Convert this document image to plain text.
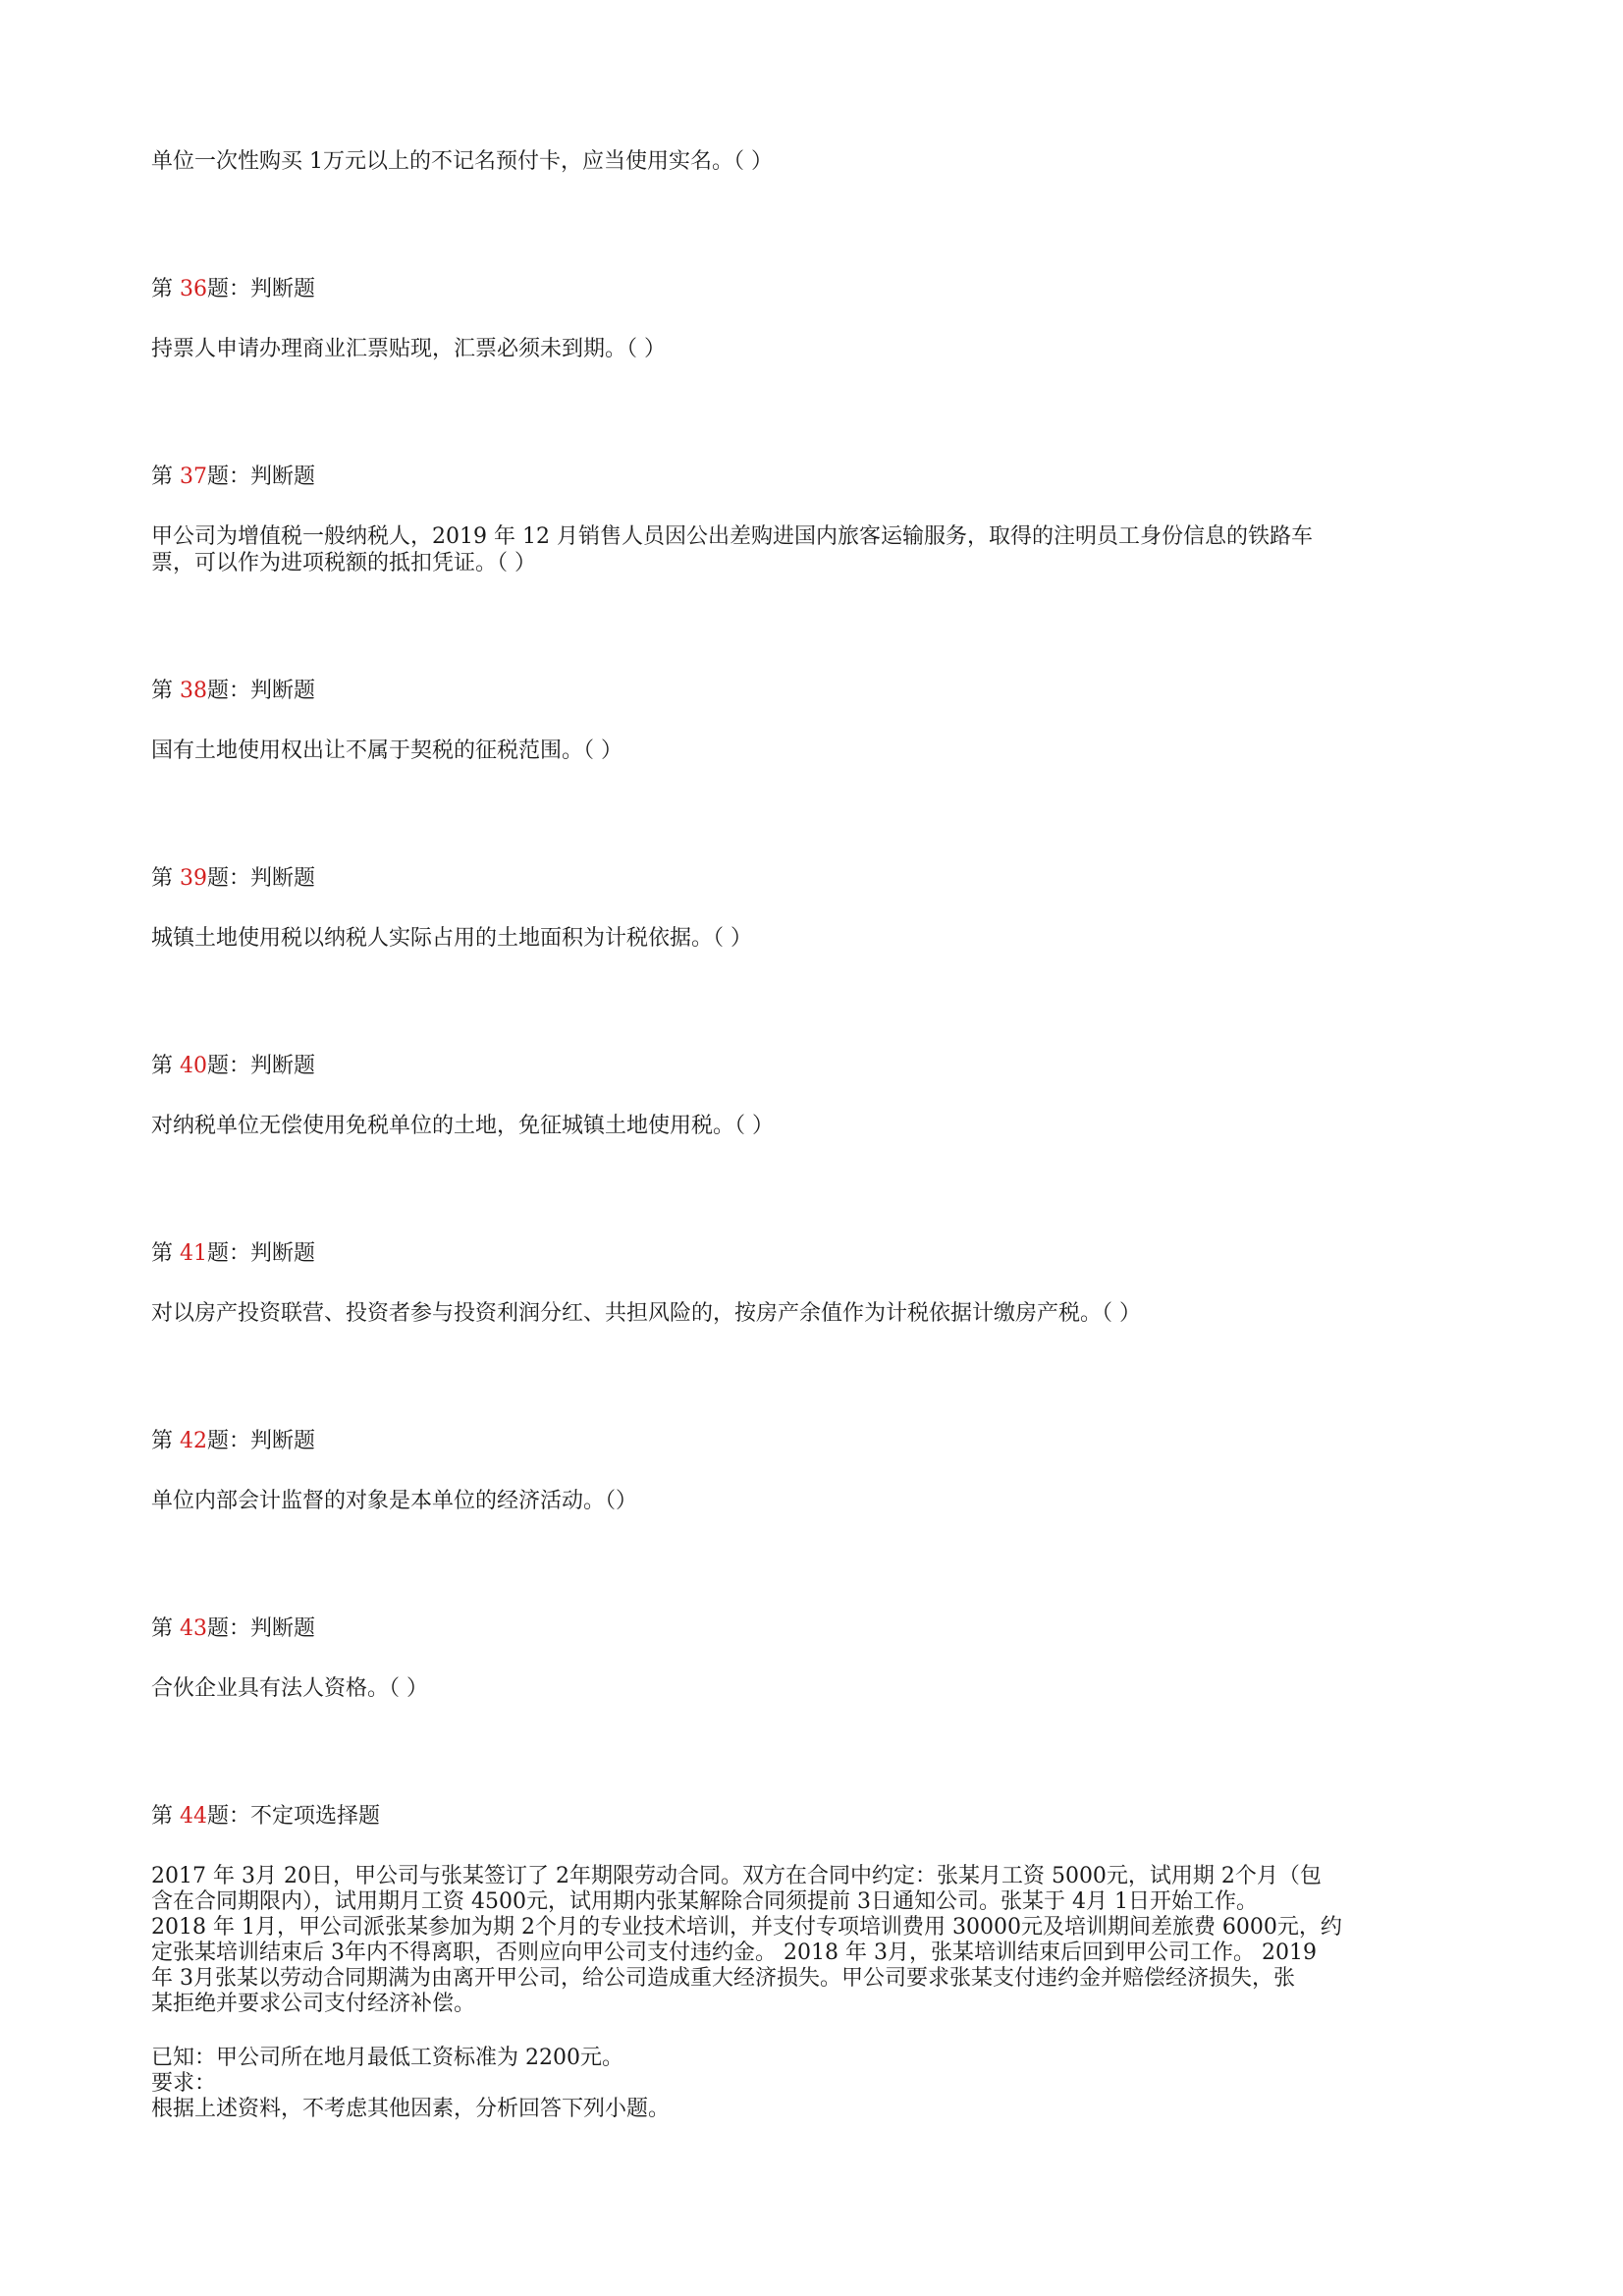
单位一次性购买 1万元以上的不记名预付卡，应当使用实名。（ ）
第 36题：判断题
持票人申请办理商业汇票贴现，汇票必须未到期。（ ）
第 37题：判断题
甲公司为增值税一般纳税人，2019 年 12 月销售人员因公出差购进国内旅客运输服务，取得的注明员工身份信息的铁路车
票，可以作为进项税额的抵扣凭证。（ ）
第 38题：判断题
国有土地使用权出让不属于契税的征税范围。（ ）
第 39题：判断题
城镇土地使用税以纳税人实际占用的土地面积为计税依据。（ ）
第 40题：判断题
对纳税单位无偿使用免税单位的土地，免征城镇土地使用税。（ ）
第 41题：判断题
对以房产投资联营、投资者参与投资利润分红、共担风险的，按房产余值作为计税依据计缴房产税。（ ）
第 42题：判断题
单位内部会计监督的对象是本单位的经济活动。（）
第 43题：判断题
合伙企业具有法人资格。（ ）
第 44题：不定项选择题
2017 年 3月 20日，甲公司与张某签订了 2年期限劳动合同。双方在合同中约定：张某月工资 5000元，试用期 2个月（包
含在合同期限内），试用期月工资 4500元，试用期内张某解除合同须提前 3日通知公司。张某于 4月 1日开始工作。
2018 年 1月，甲公司派张某参加为期 2个月的专业技术培训，并支付专项培训费用 30000元及培训期间差旅费 6000元，约
定张某培训结束后 3年内不得离职，否则应向甲公司支付违约金。 2018 年 3月，张某培训结束后回到甲公司工作。 2019
年 3月张某以劳动合同期满为由离开甲公司，给公司造成重大经济损失。甲公司要求张某支付违约金并赔偿经济损失，张
某拒绝并要求公司支付经济补偿。
已知：甲公司所在地月最低工资标准为 2200元。
要求：
根据上述资料，不考虑其他因素，分析回答下列小题。
